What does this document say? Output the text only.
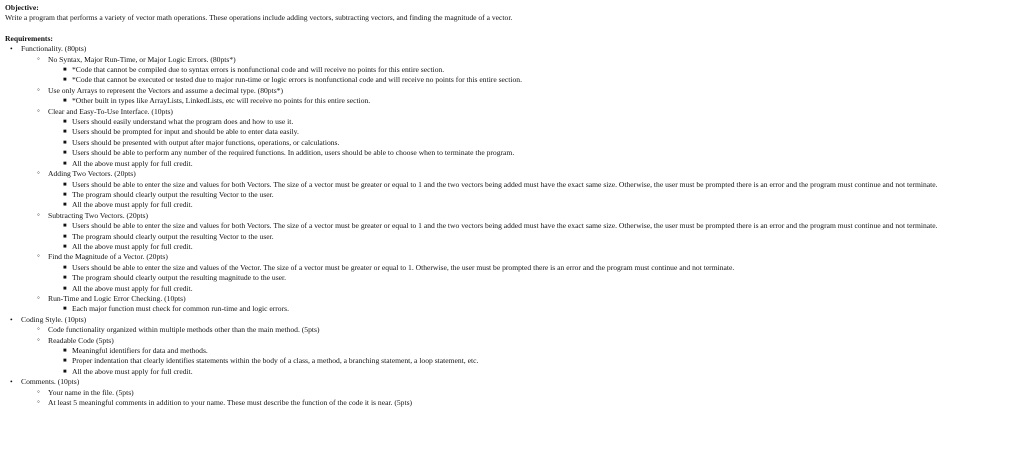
Objective:
Write a program that performs a variety of vector math operations. These operations include adding vectors, subtracting vectors, and finding the magnitude of a vector.
Requirements:
• Functionality. (80pts)
◦ No Syntax, Major Run-Time, or Major Logic Errors. (80pts*)
■ *Code that cannot be compiled due to syntax errors is nonfunctional code and will receive no points for this entire section.
■ *Code that cannot be executed or tested due to major run-time or logic errors is nonfunctional code and will receive no points for this entire section.
◦ Use only Arrays to represent the Vectors and assume a decimal type. (80pts*)
■ *Other built in types like ArrayLists, LinkedLists, etc will receive no points for this entire section.
◦ Clear and Easy-To-Use Interface. (10pts)
■ Users should easily understand what the program does and how to use it.
■ Users should be prompted for input and should be able to enter data easily.
■ Users should be presented with output after major functions, operations, or calculations.
■ Users should be able to perform any number of the required functions. In addition, users should be able to choose when to terminate the program.
■ All the above must apply for full credit.
◦ Adding Two Vectors. (20pts)
■ Users should be able to enter the size and values for both Vectors. The size of a vector must be greater or equal to 1 and the two vectors being added must have the exact same size. Otherwise, the user must be prompted there is an error and the program must continue and not terminate.
■ The program should clearly output the resulting Vector to the user.
■ All the above must apply for full credit.
◦ Subtracting Two Vectors. (20pts)
■ Users should be able to enter the size and values for both Vectors. The size of a vector must be greater or equal to 1 and the two vectors being added must have the exact same size. Otherwise, the user must be prompted there is an error and the program must continue and not terminate.
■ The program should clearly output the resulting Vector to the user.
■ All the above must apply for full credit.
◦ Find the Magnitude of a Vector. (20pts)
■ Users should be able to enter the size and values of the Vector. The size of a vector must be greater or equal to 1. Otherwise, the user must be prompted there is an error and the program must continue and not terminate.
■ The program should clearly output the resulting magnitude to the user.
■ All the above must apply for full credit.
◦ Run-Time and Logic Error Checking. (10pts)
■ Each major function must check for common run-time and logic errors.
• Coding Style. (10pts)
◦ Code functionality organized within multiple methods other than the main method. (5pts)
◦ Readable Code (5pts)
■ Meaningful identifiers for data and methods.
■ Proper indentation that clearly identifies statements within the body of a class, a method, a branching statement, a loop statement, etc.
■ All the above must apply for full credit.
• Comments. (10pts)
◦ Your name in the file. (5pts)
◦ At least 5 meaningful comments in addition to your name. These must describe the function of the code it is near. (5pts)
